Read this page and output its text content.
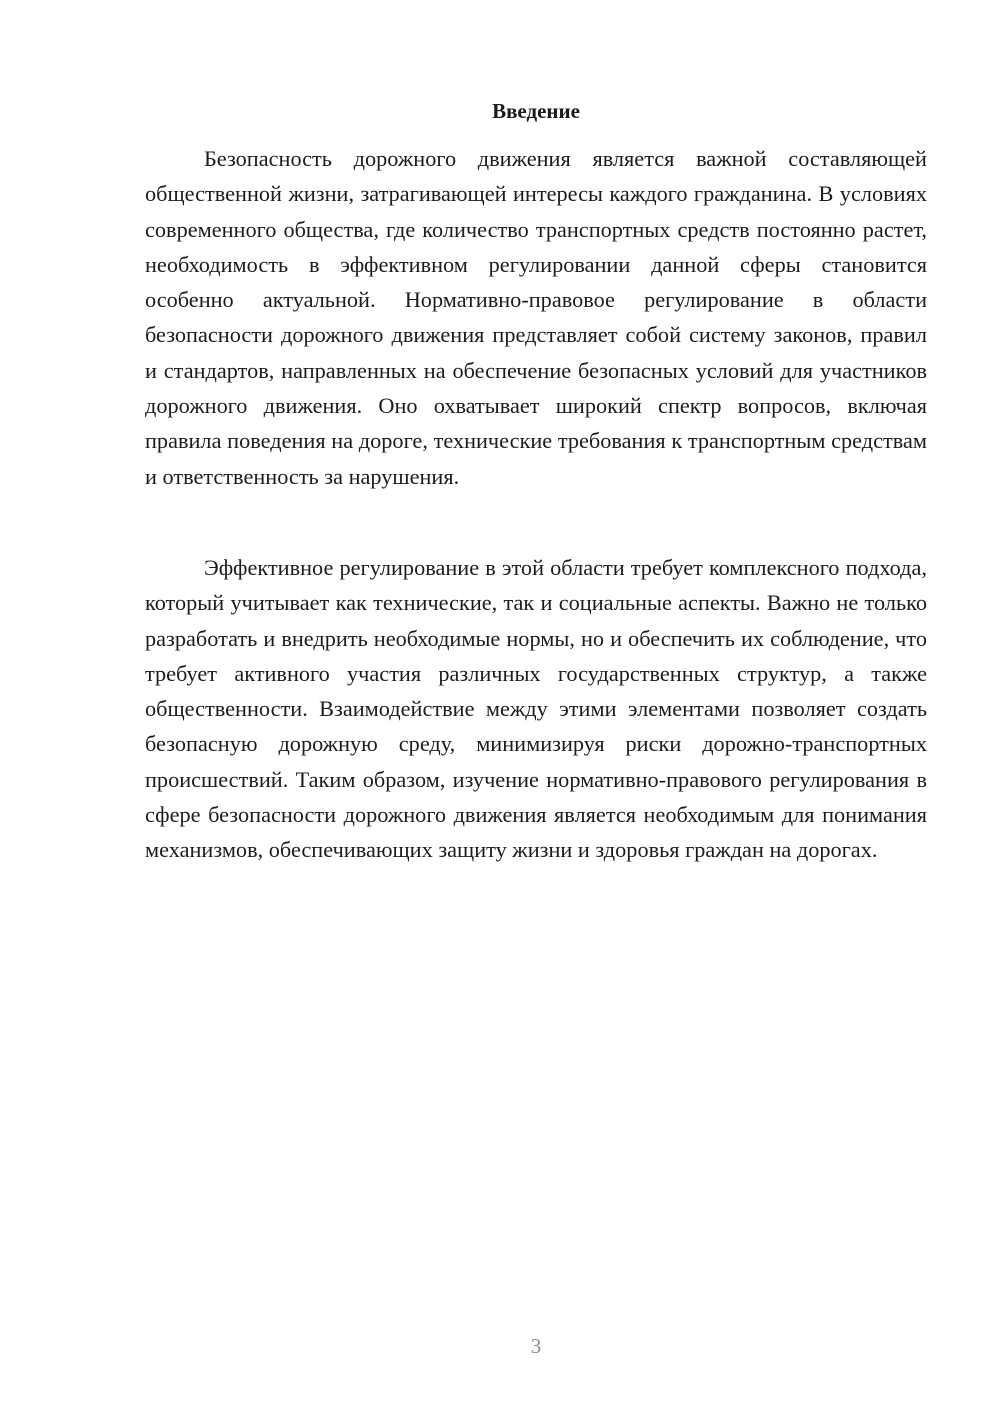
Введение

Безопасность дорожного движения является важной составляющей общественной жизни, затрагивающей интересы каждого гражданина. В условиях современного общества, где количество транспортных средств постоянно растет, необходимость в эффективном регулировании данной сферы становится особенно актуальной. Нормативно-правовое регулирование в области безопасности дорожного движения представляет собой систему законов, правил и стандартов, направленных на обеспечение безопасных условий для участников дорожного движения. Оно охватывает широкий спектр вопросов, включая правила поведения на дороге, технические требования к транспортным средствам и ответственность за нарушения.

Эффективное регулирование в этой области требует комплексного подхода, который учитывает как технические, так и социальные аспекты. Важно не только разработать и внедрить необходимые нормы, но и обеспечить их соблюдение, что требует активного участия различных государственных структур, а также общественности. Взаимодействие между этими элементами позволяет создать безопасную дорожную среду, минимизируя риски дорожно-транспортных происшествий. Таким образом, изучение нормативно-правового регулирования в сфере безопасности дорожного движения является необходимым для понимания механизмов, обеспечивающих защиту жизни и здоровья граждан на дорогах.

3
